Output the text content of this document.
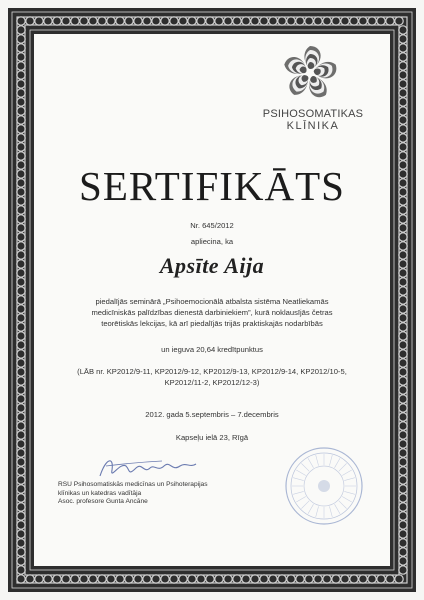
PSIHOSOMATIKAS
KLĪNIKA
SERTIFIKĀTS
Nr. 645/2012
apliecina, ka
Apsīte Aija
piedalījās seminārā „Psihoemocionālā atbalsta sistēma Neatliekamās
medicīniskās palīdzības dienestā darbiniekiem”, kurā noklausījās četras
teorētiskās lekcijas, kā arī piedalījās trijās praktiskajās nodarbībās
un ieguva 20,64 kredītpunktus
(LĀB nr. KP2012/9-11, KP2012/9-12, KP2012/9-13, KP2012/9-14, KP2012/10-5,
KP2012/11-2, KP2012/12-3)
2012. gada 5.septembris – 7.decembris
Kapseļu ielā 23, Rīgā
RSU Psihosomatiskās medicīnas un Psihoterapijas
klīnikas un katedras vadītāja
Asoc. profesore Gunta Ancāne
